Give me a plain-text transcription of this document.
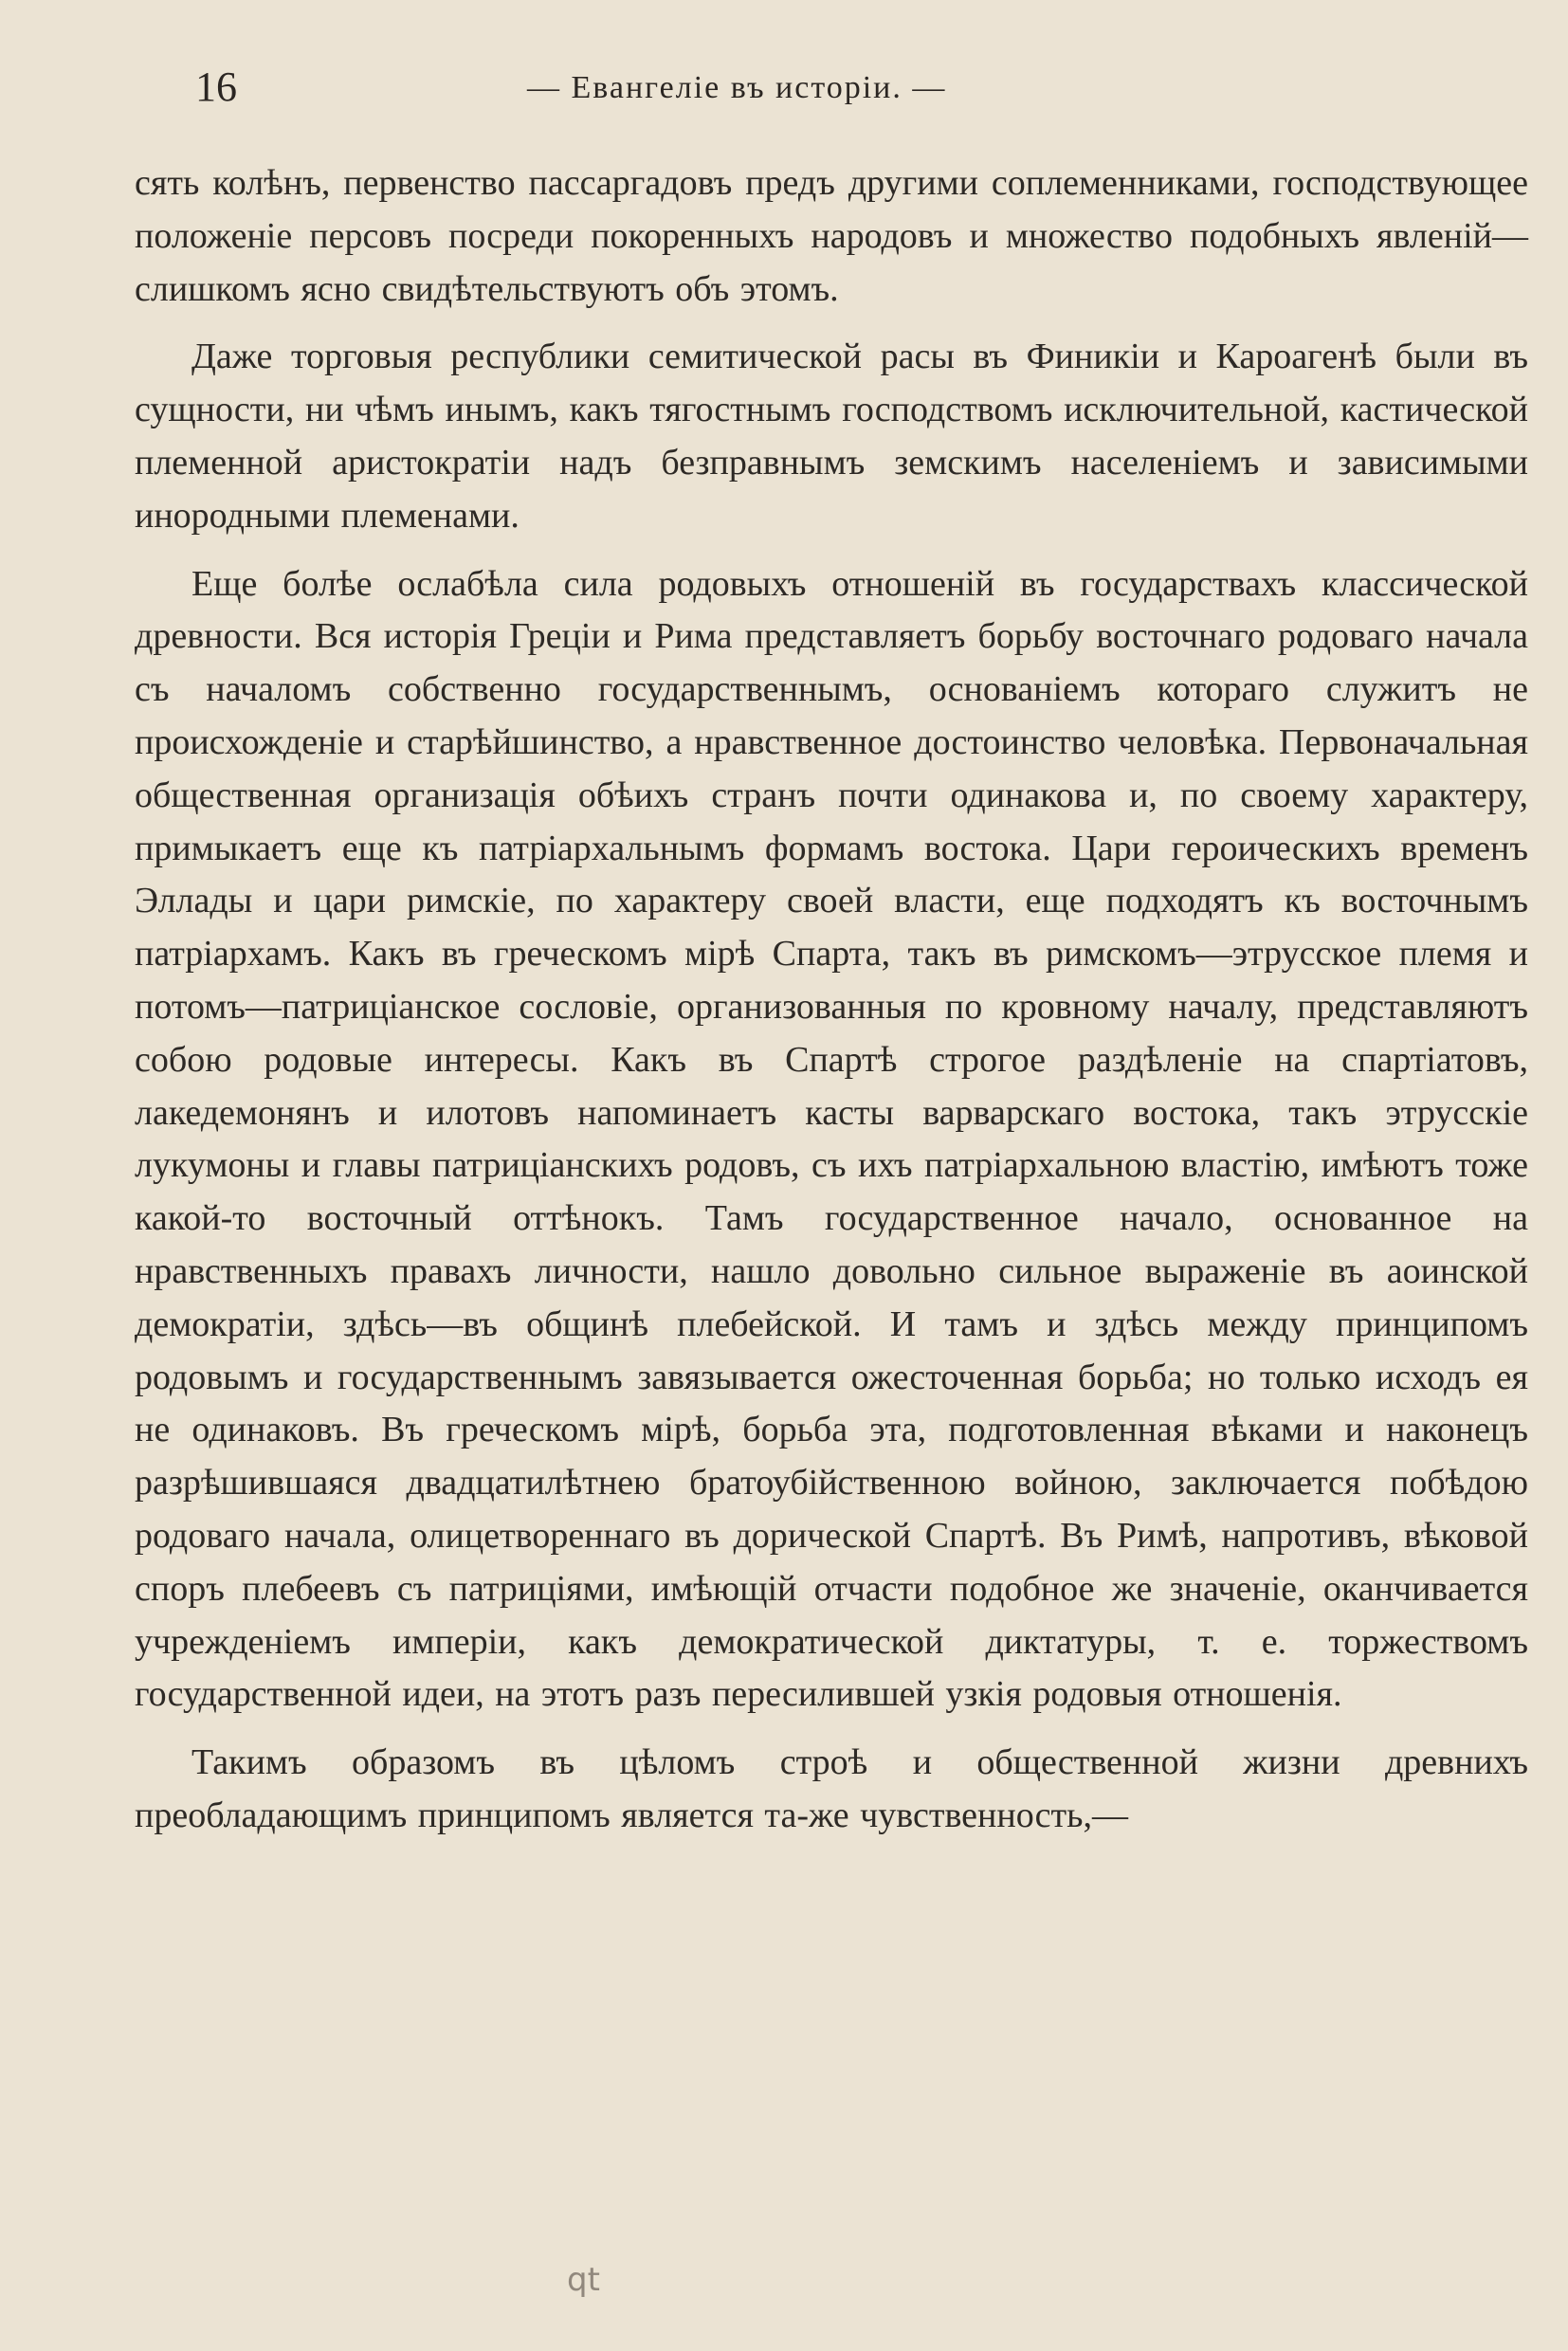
16	— Евангеліе въ исторіи. —

сять колѣнъ, первенство пассаргадовъ предъ другими соплеменниками, господствующее положеніе персовъ посреди покоренныхъ народовъ и множество подобныхъ явленій—слишкомъ ясно свидѣтельствуютъ объ этомъ.

Даже торговыя республики семитической расы въ Финикіи и Кароагенѣ были въ сущности, ни чѣмъ инымъ, какъ тягостнымъ господствомъ исключительной, кастической племенной аристократіи надъ безправнымъ земскимъ населеніемъ и зависимыми инородными племенами.

Еще болѣе ослабѣла сила родовыхъ отношеній въ государствахъ классической древности. Вся исторія Греціи и Рима представляетъ борьбу восточнаго родоваго начала съ началомъ собственно государственнымъ, основаніемъ котораго служитъ не происхожденіе и старѣйшинство, а нравственное достоинство человѣка. Первоначальная общественная организація обѣихъ странъ почти одинакова и, по своему характеру, примыкаетъ еще къ патріархальнымъ формамъ востока. Цари героическихъ временъ Эллады и цари римскіе, по характеру своей власти, еще подходятъ къ восточнымъ патріархамъ. Какъ въ греческомъ мірѣ Спарта, такъ въ римскомъ—этрусское племя и потомъ—патриціанское сословіе, организованныя по кровному началу, представляютъ собою родовые интересы. Какъ въ Спартѣ строгое раздѣленіе на спартіатовъ, лакедемонянъ и илотовъ напоминаетъ касты варварскаго востока, такъ этрусскіе лукумоны и главы патриціанскихъ родовъ, съ ихъ патріархальною властію, имѣютъ тоже какой-то восточный оттѣнокъ. Тамъ государственное начало, основанное на нравственныхъ правахъ личности, нашло довольно сильное выраженіе въ аоинской демократіи, здѣсь—въ общинѣ плебейской. И тамъ и здѣсь между принципомъ родовымъ и государственнымъ завязывается ожесточенная борьба; но только исходъ ея не одинаковъ. Въ греческомъ мірѣ, борьба эта, подготовленная вѣками и наконецъ разрѣшившаяся двадцатилѣтнею братоубійственною войною, заключается побѣдою родоваго начала, олицетвореннаго въ дорической Спартѣ. Въ Римѣ, напротивъ, вѣковой споръ плебеевъ съ патриціями, имѣющій отчасти подобное же значеніе, оканчивается учрежденіемъ имперіи, какъ демократической диктатуры, т. е. торжествомъ государственной идеи, на этотъ разъ пересилившей узкія родовыя отношенія.

Такимъ образомъ въ цѣломъ строѣ и общественной жизни древнихъ преобладающимъ принципомъ является та-же чувственность,—

qt
